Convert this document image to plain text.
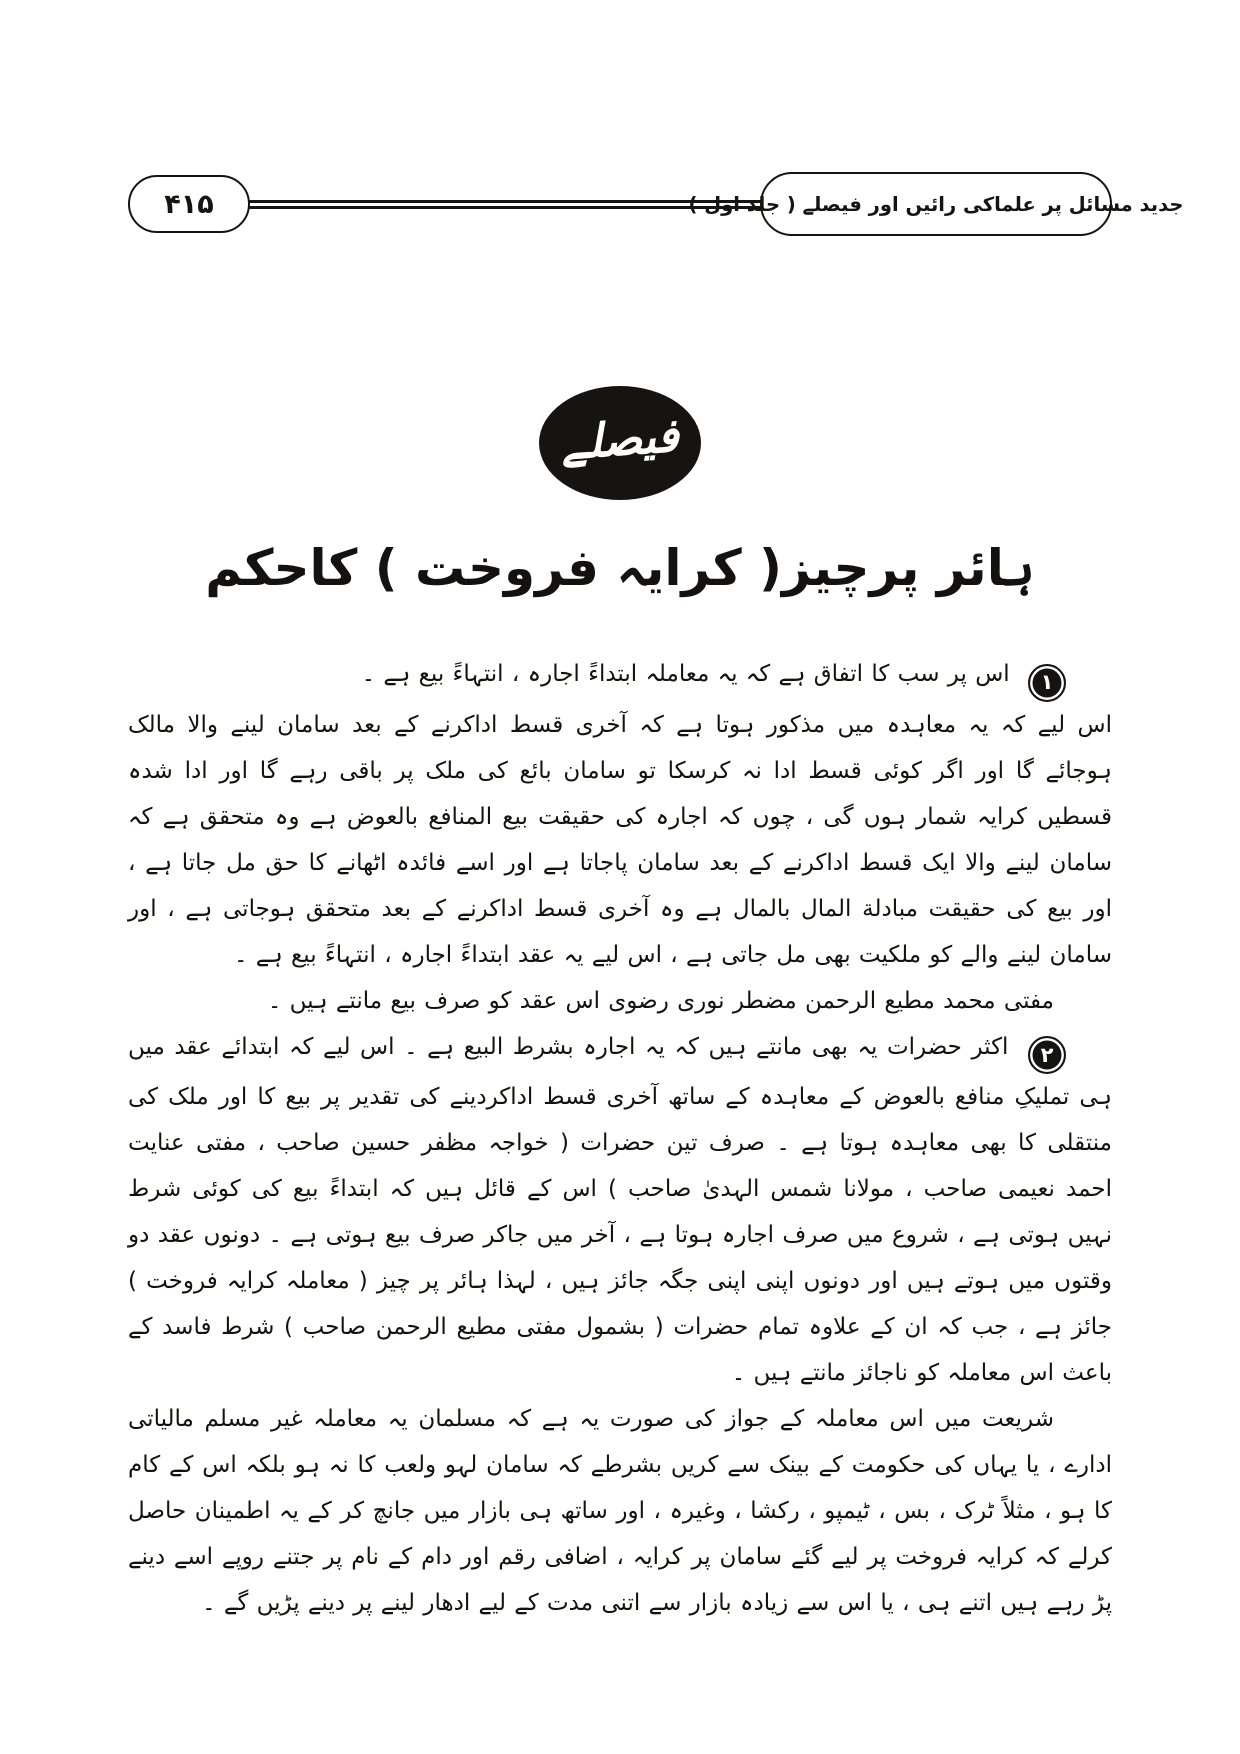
۴۱۵	جدید مسائل پر علماکی رائیں اور فیصلے ( جلد اول )
فیصلے
ہائر پرچیز( کرایہ فروخت ) کاحکم

۱
اس پر سب کا اتفاق ہے کہ یہ معاملہ ابتداءً اجارہ ، انتہاءً بیع ہے ۔

اس لیے کہ یہ معاہدہ میں مذکور ہوتا ہے کہ آخری قسط اداکرنے کے بعد سامان لینے والا مالک ہوجائے گا اور اگر کوئی قسط ادا نہ کرسکا تو سامان بائع کی ملک پر باقی رہے گا اور ادا شدہ قسطیں کرایہ شمار ہوں گی ، چوں کہ اجارہ کی حقیقت بیع المنافع بالعوض ہے وہ متحقق ہے کہ سامان لینے والا ایک قسط اداکرنے کے بعد سامان پاجاتا ہے اور اسے فائدہ اٹھانے کا حق مل جاتا ہے ، اور بیع کی حقیقت مبادلة المال بالمال ہے وہ آخری قسط اداکرنے کے بعد متحقق ہوجاتی ہے ، اور سامان لینے والے کو ملکیت بھی مل جاتی ہے ، اس لیے یہ عقد ابتداءً اجارہ ، انتہاءً بیع ہے ۔

مفتی محمد مطیع الرحمن مضطر نوری رضوی اس عقد کو صرف بیع مانتے ہیں ۔

۲
اکثر حضرات یہ بھی مانتے ہیں کہ یہ اجارہ بشرط البیع ہے ۔ اس لیے کہ ابتدائے عقد میں ہی تملیکِ منافع بالعوض کے معاہدہ کے ساتھ آخری قسط اداکردینے کی تقدیر پر بیع کا اور ملک کی منتقلی کا بھی معاہدہ ہوتا ہے ۔ صرف تین حضرات ( خواجہ مظفر حسین صاحب ، مفتی عنایت احمد نعیمی صاحب ، مولانا شمس الہدیٰ صاحب ) اس کے قائل ہیں کہ ابتداءً بیع کی کوئی شرط نہیں ہوتی ہے ، شروع میں صرف اجارہ ہوتا ہے ، آخر میں جاکر صرف بیع ہوتی ہے ۔ دونوں عقد دو وقتوں میں ہوتے ہیں اور دونوں اپنی اپنی جگہ جائز ہیں ، لہذا ہائر پر چیز ( معاملہ کرایہ فروخت ) جائز ہے ، جب کہ ان کے علاوہ تمام حضرات ( بشمول مفتی مطیع الرحمن صاحب ) شرط فاسد کے باعث اس معاملہ کو ناجائز مانتے ہیں ۔

شریعت میں اس معاملہ کے جواز کی صورت یہ ہے کہ مسلمان یہ معاملہ غیر مسلم مالیاتی ادارے ، یا یہاں کی حکومت کے بینک سے کریں بشرطے کہ سامان لہو ولعب کا نہ ہو بلکہ اس کے کام کا ہو ، مثلاً ٹرک ، بس ، ٹیمپو ، رکشا ، وغیرہ ، اور ساتھ ہی بازار میں جانچ کر کے یہ اطمینان حاصل کرلے کہ کرایہ فروخت پر لیے گئے سامان پر کرایہ ، اضافی رقم اور دام کے نام پر جتنے روپے اسے دینے پڑ رہے ہیں اتنے ہی ، یا اس سے زیادہ بازار سے اتنی مدت کے لیے ادھار لینے پر دینے پڑیں گے ۔
